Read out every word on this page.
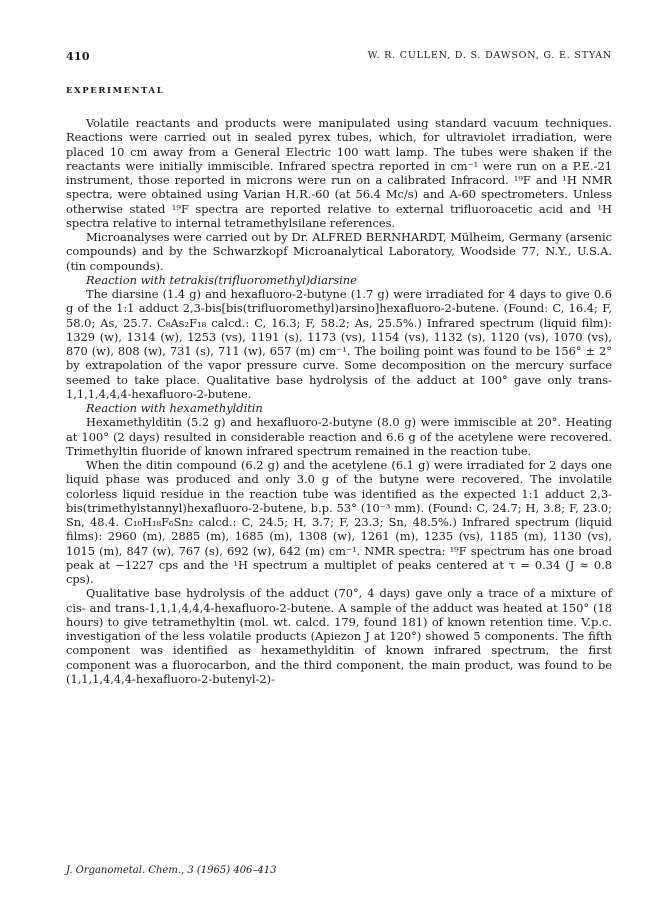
410	W. R. CULLEN, D. S. DAWSON, G. E. STYAN
EXPERIMENTAL

Volatile reactants and products were manipulated using standard vacuum techniques. Reactions were carried out in sealed pyrex tubes, which, for ultraviolet irradiation, were placed 10 cm away from a General Electric 100 watt lamp. The tubes were shaken if the reactants were initially immiscible. Infrared spectra reported in cm⁻¹ were run on a P.E.-21 instrument, those reported in microns were run on a calibrated Infracord. ¹⁹F and ¹H NMR spectra, were obtained using Varian H.R.-60 (at 56.4 Mc/s) and A-60 spectrometers. Unless otherwise stated ¹⁹F spectra are reported relative to external trifluoroacetic acid and ¹H spectra relative to internal tetramethylsilane references.

Microanalyses were carried out by Dr. ALFRED BERNHARDT, Mülheim, Germany (arsenic compounds) and by the Schwarzkopf Microanalytical Laboratory, Woodside 77, N.Y., U.S.A. (tin compounds).

Reaction with tetrakis(trifluoromethyl)diarsine

The diarsine (1.4 g) and hexafluoro-2-butyne (1.7 g) were irradiated for 4 days to give 0.6 g of the 1:1 adduct 2,3-bis[bis(trifluoromethyl)arsino]hexafluoro-2-butene. (Found: C, 16.4; F, 58.0; As, 25.7. C₈As₂F₁₈ calcd.: C, 16.3; F, 58.2; As, 25.5%.) Infrared spectrum (liquid film): 1329 (w), 1314 (w), 1253 (vs), 1191 (s), 1173 (vs), 1154 (vs), 1132 (s), 1120 (vs), 1070 (vs), 870 (w), 808 (w), 731 (s), 711 (w), 657 (m) cm⁻¹. The boiling point was found to be 156° ± 2° by extrapolation of the vapor pressure curve. Some decomposition on the mercury surface seemed to take place. Qualitative base hydrolysis of the adduct at 100° gave only trans-1,1,1,4,4,4-hexafluoro-2-butene.

Reaction with hexamethylditin

Hexamethylditin (5.2 g) and hexafluoro-2-butyne (8.0 g) were immiscible at 20°. Heating at 100° (2 days) resulted in considerable reaction and 6.6 g of the acetylene were recovered. Trimethyltin fluoride of known infrared spectrum remained in the reaction tube.

When the ditin compound (6.2 g) and the acetylene (6.1 g) were irradiated for 2 days one liquid phase was produced and only 3.0 g of the butyne were recovered. The involatile colorless liquid residue in the reaction tube was identified as the expected 1:1 adduct 2,3-bis(trimethylstannyl)hexafluoro-2-butene, b.p. 53° (10⁻³ mm). (Found: C, 24.7; H, 3.8; F, 23.0; Sn, 48.4. C₁₀H₁₈F₆Sn₂ calcd.: C, 24.5; H, 3.7; F, 23.3; Sn, 48.5%.) Infrared spectrum (liquid films): 2960 (m), 2885 (m), 1685 (m), 1308 (w), 1261 (m), 1235 (vs), 1185 (m), 1130 (vs), 1015 (m), 847 (w), 767 (s), 692 (w), 642 (m) cm⁻¹. NMR spectra: ¹⁹F spectrum has one broad peak at −1227 cps and the ¹H spectrum a multiplet of peaks centered at τ = 0.34 (J ≈ 0.8 cps).

Qualitative base hydrolysis of the adduct (70°, 4 days) gave only a trace of a mixture of cis- and trans-1,1,1,4,4,4-hexafluoro-2-butene. A sample of the adduct was heated at 150° (18 hours) to give tetramethyltin (mol. wt. calcd. 179, found 181) of known retention time. V.p.c. investigation of the less volatile products (Apiezon J at 120°) showed 5 components. The fifth component was identified as hexamethylditin of known infrared spectrum, the first component was a fluorocarbon, and the third component, the main product, was found to be (1,1,1,4,4,4-hexafluoro-2-butenyl-2)-

J. Organometal. Chem., 3 (1965) 406–413
